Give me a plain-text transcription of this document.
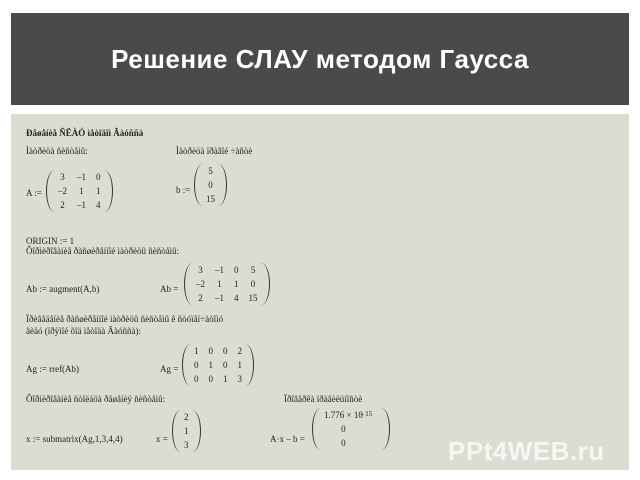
Решение СЛАУ методом Гаусса
Ðåøåíèå ÑËÀÓ ìåòîäîì Ãàóññà
Ìàòðèöà ñèñòåìû:	Ìàòðèöà ïðàâîé ÷àñòè
A :=
3	–1	0
–2	1	1
2	–1	4
b :=
5
0
15
ORIGIN := 1
Ôîðìèðîâàíèå ðàñøèðåííîé ìàòðèöû ñèñòåìû:
Ab := augment(A,b)	Ab =
3	–1	0	5
–2	1	1	0
2	–1	4	15
Ïðèâåäåíèå ðàñøèðåííîé ìàòðèöû ñèñòåìû ê ñòóïåí÷àòîìó
âèäó (ïðÿìîé õîä ìåòîäà Ãàóññà):
Ag := rref(Ab)	Ag =
1	0	0	2
0	1	0	1
0	0	1	3
Ôîðìèðîâàíèå ñòîëáöà ðåøåíèÿ ñèñòåìû:	Ïðîâåðêà ïðàâèëüíîñòè
x := submatrix(Ag,1,3,4,4)	x =
2
1
3
A·x – b =
1.776 × 10
0
0
– 15
PPt4WEB.ru
